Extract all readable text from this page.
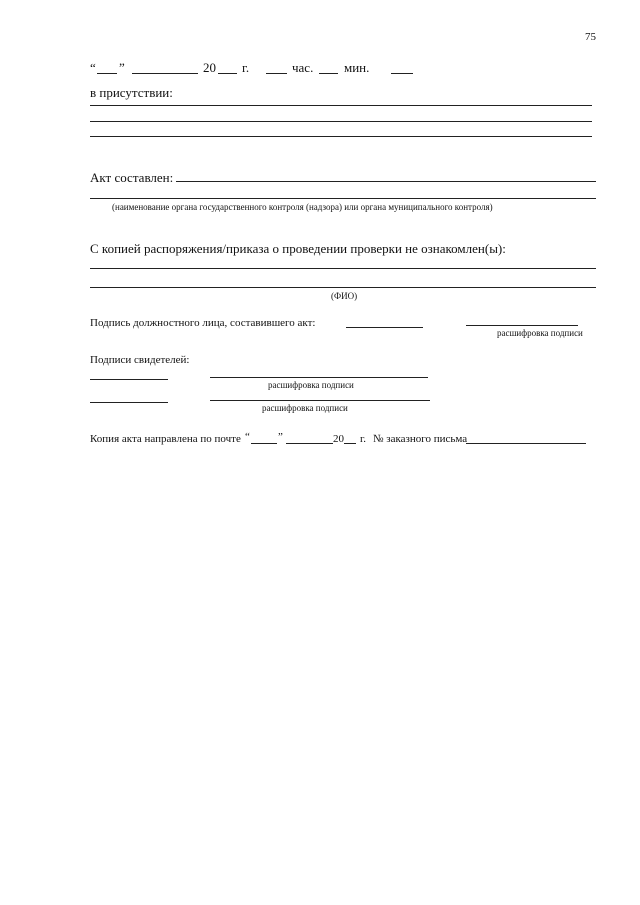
75
“ ”	20 г.	час. мин.
в присутствии:
Акт составлен:
(наименование органа государственного контроля (надзора) или органа муниципального контроля)
С копией распоряжения/приказа о проведении проверки не ознакомлен(ы):
(ФИО)
Подпись должностного лица, составившего акт:
расшифровка подписи
Подписи свидетелей:
расшифровка подписи
расшифровка подписи
Копия акта направлена по почте “	”	20 г. № заказного письма
